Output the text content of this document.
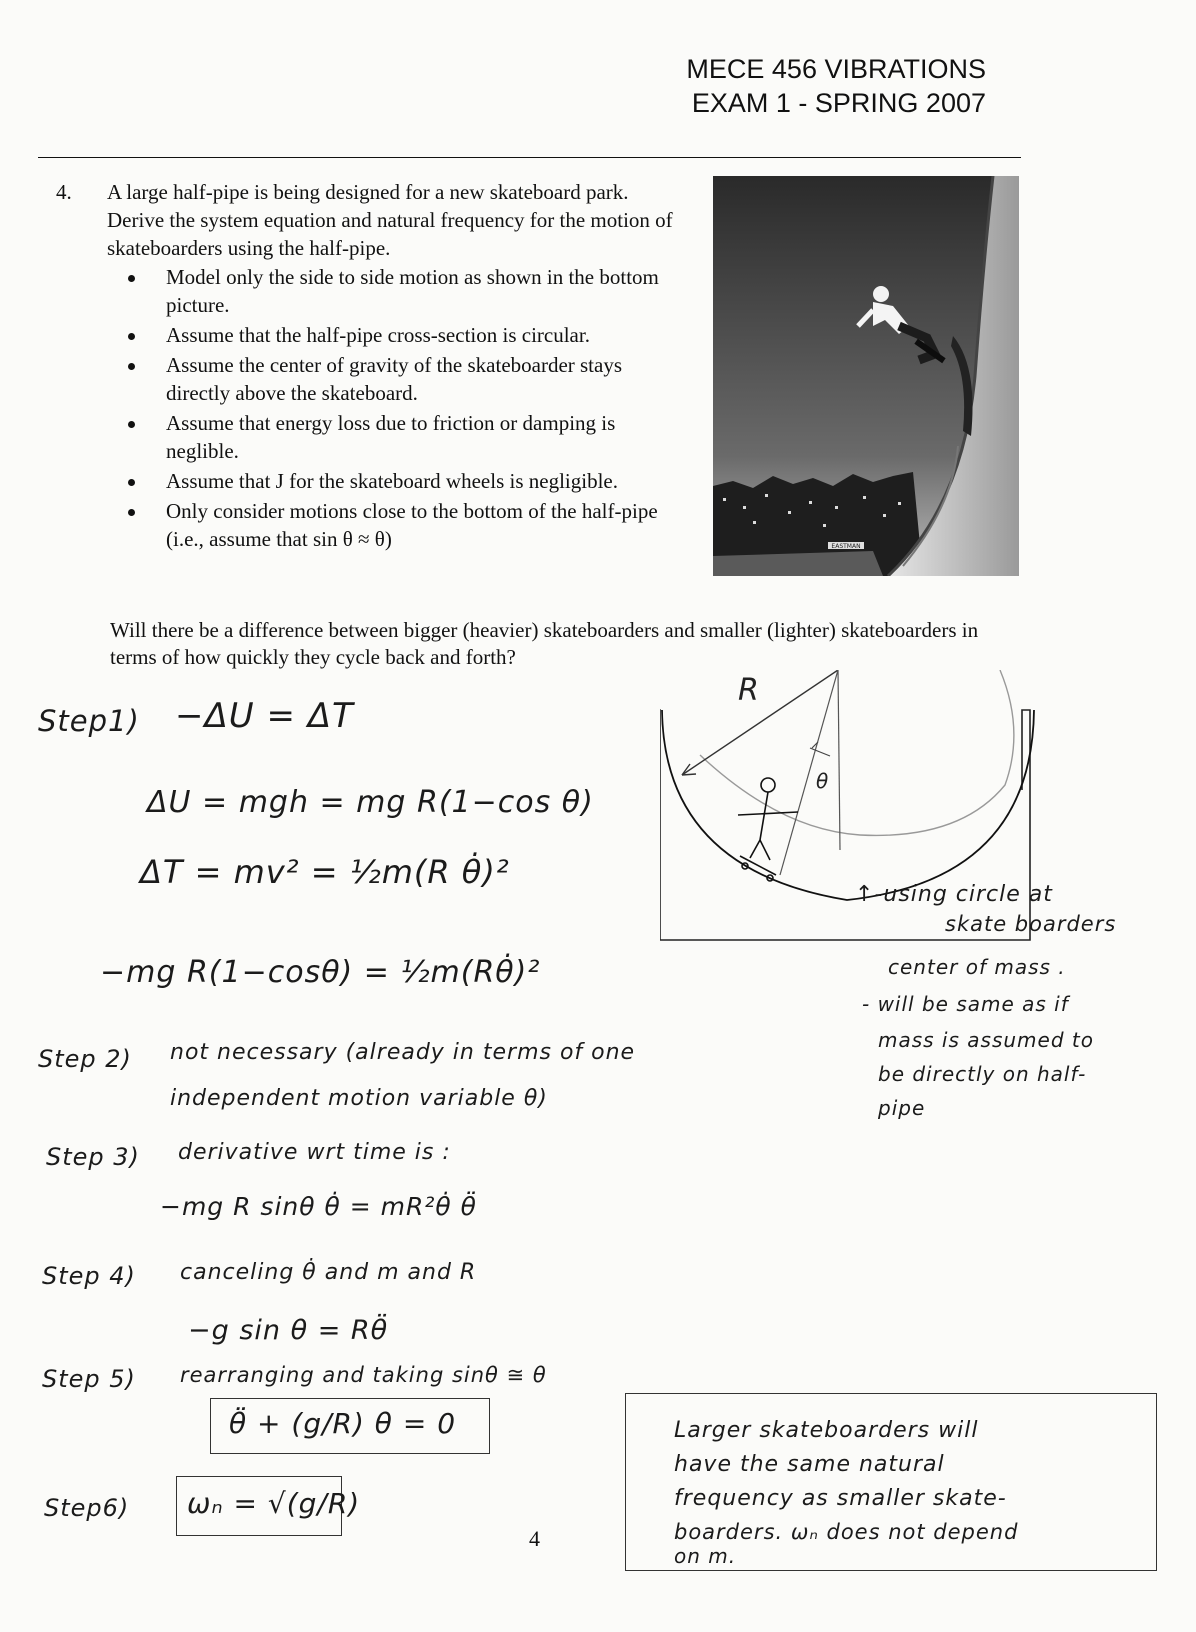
MECE 456 VIBRATIONS
EXAM 1 - SPRING 2007
4. A large half-pipe is being designed for a new skateboard park. Derive the system equation and natural frequency for the motion of skateboarders using the half-pipe.
Model only the side to side motion as shown in the bottom picture.
Assume that the half-pipe cross-section is circular.
Assume the center of gravity of the skateboarder stays directly above the skateboard.
Assume that energy loss due to friction or damping is neglible.
Assume that J for the skateboard wheels is negligible.
Only consider motions close to the bottom of the half-pipe (i.e., assume that sin θ ≈ θ)
Will there be a difference between bigger (heavier) skateboarders and smaller (lighter) skateboarders in terms of how quickly they cycle back and forth?
EASTMAN
R
θ
Step1) −ΔU = ΔT
ΔU = mgh = mg R(1−cos θ)
ΔT = mv² = ½m(R θ̇)²
−mg R(1−cosθ) = ½m(Rθ̇)²
Step 2) not necessary (already in terms of one
independent motion variable θ)
Step 3) derivative wrt time is :
−mg R sinθ θ̇ = mR²θ̇ θ̈
Step 4) canceling θ̇ and m and R
−g sin θ = Rθ̈
Step 5) rearranging and taking sinθ ≅ θ
θ̈ + (g/R) θ = 0
Step6) ωₙ = √(g/R)
↑-using circle at
skate boarders
center of mass .
- will be same as if
mass is assumed to
be directly on half-
pipe
Larger skateboarders will
have the same natural
frequency as smaller skate-
boarders. ωₙ does not depend
on m.
4
